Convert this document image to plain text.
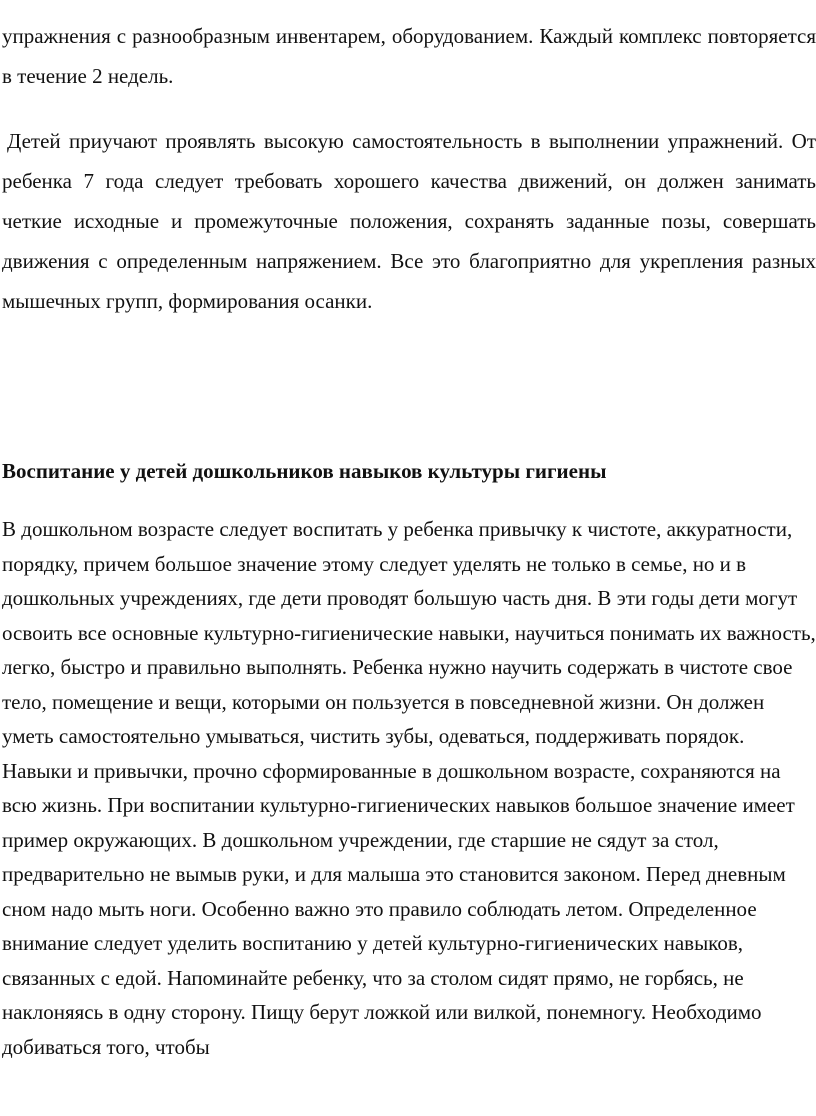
упражнения с разнообразным инвентарем, оборудованием. Каждый комплекс повторяется в течение 2 недель.

Детей приучают проявлять высокую самостоятельность в выполнении упражнений. От ребенка 7 года следует требовать хорошего качества движений, он должен занимать четкие исходные и промежуточные положения, сохранять заданные позы, совершать движения с определенным напряжением. Все это благоприятно для укрепления разных мышечных групп, формирования осанки.

Воспитание у детей дошкольников навыков культуры гигиены

В дошкольном возрасте следует воспитать у ребенка привычку к чистоте, аккуратности, порядку, причем большое значение этому следует уделять не только в семье, но и в дошкольных учреждениях, где дети проводят большую часть дня. В эти годы дети могут освоить все основные культурно-гигиенические навыки, научиться понимать их важность, легко, быстро и правильно выполнять. Ребенка нужно научить содержать в чистоте свое тело, помещение и вещи, которыми он пользуется в повседневной жизни. Он должен уметь самостоятельно умываться, чистить зубы, одеваться, поддерживать порядок. Навыки и привычки, прочно сформированные в дошкольном возрасте, сохраняются на всю жизнь. При воспитании культурно-гигиенических навыков большое значение имеет пример окружающих. В дошкольном учреждении, где старшие не сядут за стол, предварительно не вымыв руки, и для малыша это становится законом. Перед дневным сном надо мыть ноги. Особенно важно это правило соблюдать летом. Определенное внимание следует уделить воспитанию у детей культурно-гигиенических навыков, связанных с едой. Напоминайте ребенку, что за столом сидят прямо, не горбясь, не наклоняясь в одну сторону. Пищу берут ложкой или вилкой, понемногу. Необходимо добиваться того, чтобы
